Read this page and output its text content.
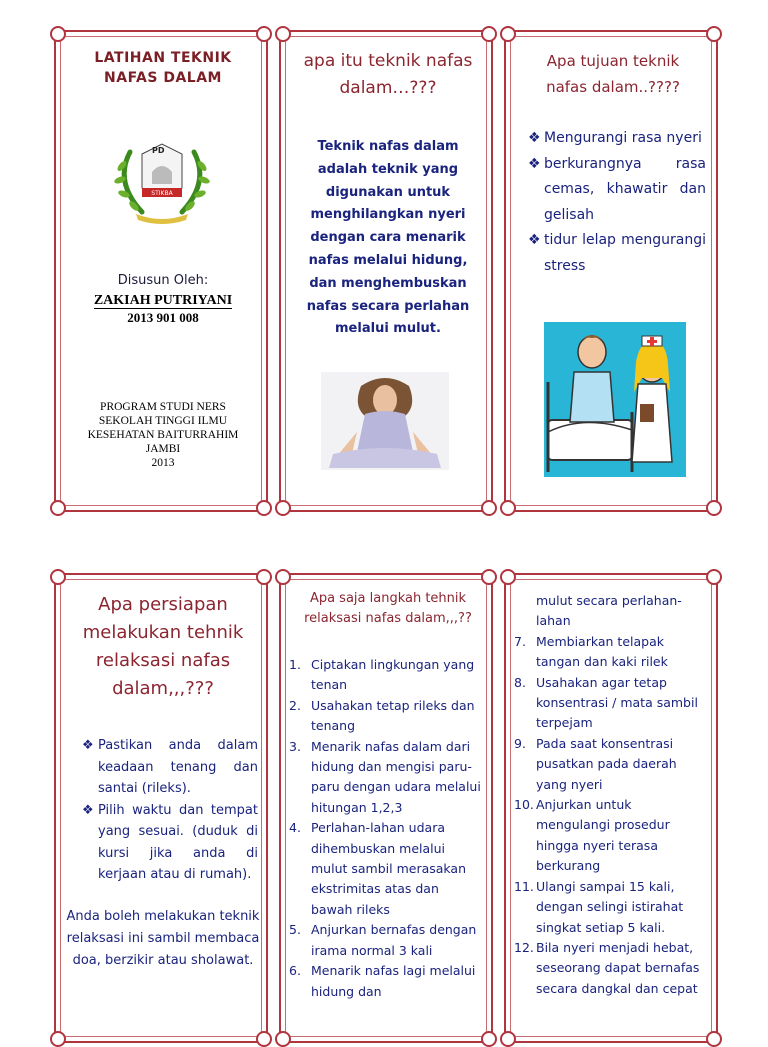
LATIHAN TEKNIK
NAFAS DALAM
STIKBA
PD
Disusun Oleh:
ZAKIAH PUTRIYANI
2013 901 008
PROGRAM STUDI NERS
SEKOLAH TINGGI ILMU
KESEHATAN BAITURRAHIM
JAMBI
2013
apa itu teknik nafas
dalam…???
Teknik nafas dalam adalah teknik yang digunakan untuk menghilangkan nyeri dengan cara menarik nafas melalui hidung, dan menghembuskan nafas secara perlahan melalui mulut.
Apa tujuan teknik
nafas dalam..????
❖ Mengurangi rasa nyeri
❖ berkurangnya rasa cemas, khawatir dan gelisah
❖ tidur lelap mengurangi stress
Apa persiapan
melakukan tehnik
relaksasi nafas
dalam,,,???
❖ Pastikan anda dalam keadaan tenang dan santai (rileks).
❖ Pilih waktu dan tempat yang sesuai. (duduk di kursi jika anda di kerjaan atau di rumah).
Anda boleh melakukan teknik relaksasi ini sambil membaca doa, berzikir atau sholawat.
Apa saja langkah tehnik
relaksasi nafas dalam,,,??
1. Ciptakan lingkungan yang tenan
2. Usahakan tetap rileks dan tenang
3. Menarik nafas dalam dari hidung dan mengisi paru-paru dengan udara melalui hitungan 1,2,3
4. Perlahan-lahan udara dihembuskan melalui mulut sambil merasakan ekstrimitas atas dan bawah rileks
5. Anjurkan bernafas dengan irama normal 3 kali
6. Menarik nafas lagi melalui hidung dan
mulut secara perlahan-
lahan
7. Membiarkan telapak tangan dan kaki rilek
8. Usahakan agar tetap konsentrasi / mata sambil terpejam
9. Pada saat konsentrasi pusatkan pada daerah yang nyeri
10. Anjurkan untuk mengulangi prosedur hingga nyeri terasa berkurang
11. Ulangi sampai 15 kali, dengan selingi istirahat singkat setiap 5 kali.
12. Bila nyeri menjadi hebat, seseorang dapat bernafas secara dangkal dan cepat
